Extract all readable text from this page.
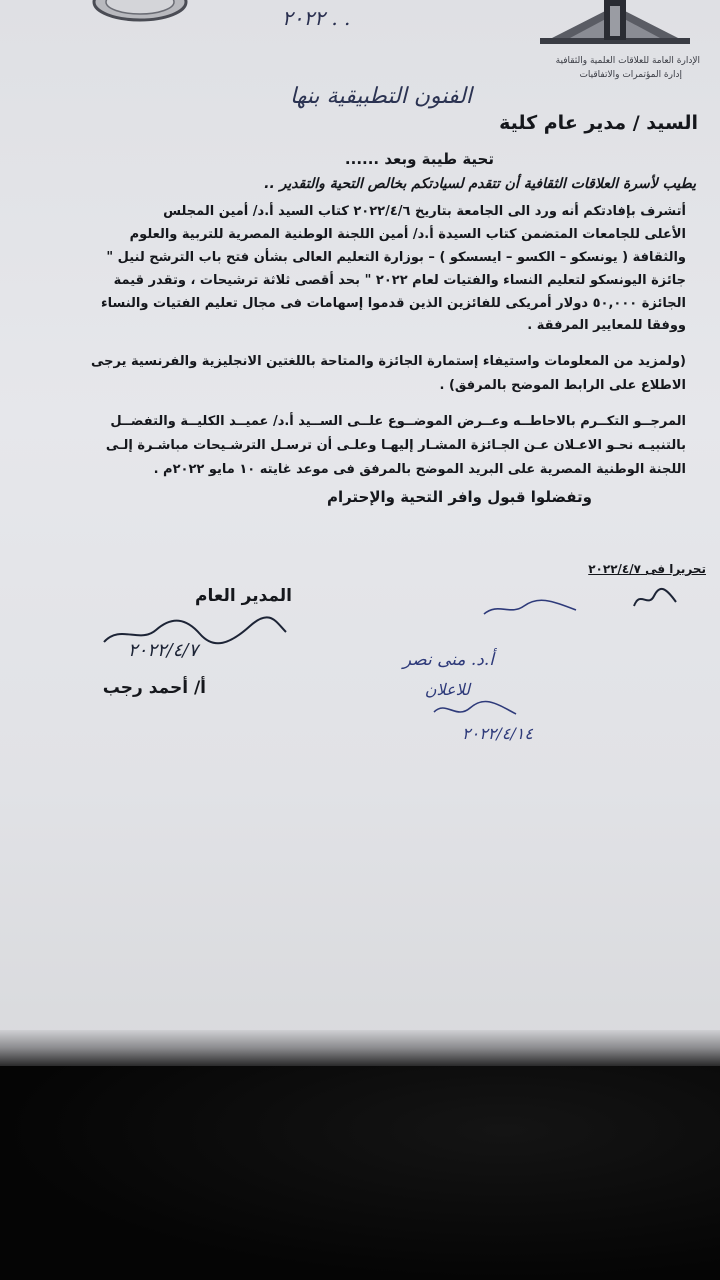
الإدارة العامة للعلاقات العلمية والثقافية
إدارة المؤتمرات والاتفاقيات
٢٠٢٢ . .
السيد / مدير عام كلية
الفنون التطبيقية بنها
تحية طيبة وبعد ......
يطيب لأسرة العلاقات الثقافية أن تتقدم لسيادتكم بخالص التحية والتقدير ..
أتشرف بإفادتكم أنه ورد الى الجامعة بتاريخ ٢٠٢٢/٤/٦ كتاب السيد أ.د/ أمين المجلس
الأعلى للجامعات المتضمن كتاب السيدة أ.د/ أمين اللجنة الوطنية المصرية للتربية والعلوم
والثقافة ( يونسكو – الكسو – ايسسكو ) – بوزارة التعليم العالى بشأن فتح باب الترشح لنيل "
جائزة اليونسكو لتعليم النساء والفتيات لعام ٢٠٢٢ " بحد أقصى ثلاثة ترشيحات ، وتقدر قيمة
الجائزة ٥٠,٠٠٠ دولار أمريكى للفائزين الذين قدموا إسهامات فى مجال تعليم الفتيات والنساء
ووفقا للمعايير المرفقة .
(ولمزيد من المعلومات واستيفاء إستمارة الجائزة والمتاحة باللغتين الانجليزية والفرنسية يرجى
الاطلاع على الرابط الموضح بالمرفق) .
المرجــو التكــرم بالاحاطــه وعــرض الموضــوع علــى الســيد أ.د/ عميــد الكليــة والتفضــل
بالتنبيـه نحـو الاعـلان عـن الجـائزة المشـار إليهـا وعلـى أن ترسـل الترشـيحات مباشـرة إلـى
اللجنة الوطنية المصرية على البريد الموضح بالمرفق فى موعد غايته ١٠ مايو ٢٠٢٢م .
وتفضلوا قبول وافر التحية والإحترام
تحريرا فى ٢٠٢٢/٤/٧
المدير العام
٢٠٢٢/٤/٧
أ/ أحمد رجب
أ.د. منى نصر
للاعلان
٢٠٢٢/٤/١٤
